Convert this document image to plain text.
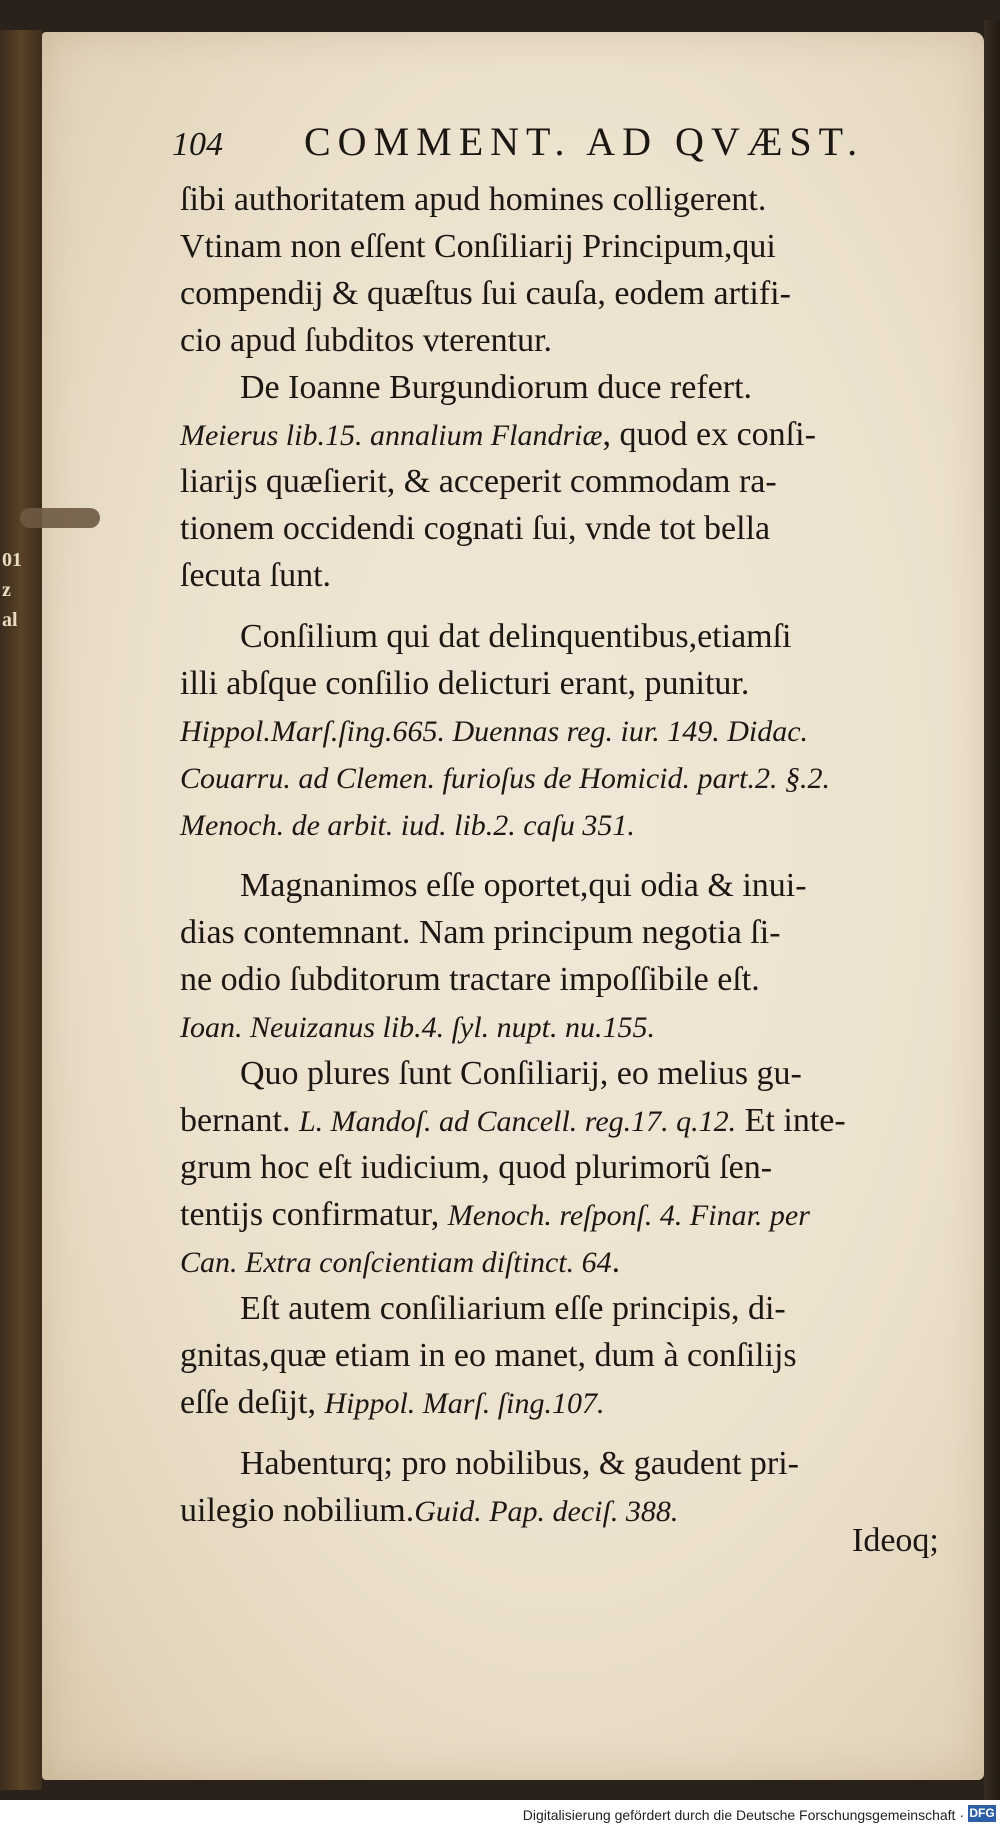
01 z al
104 COMMENT. AD QVÆST.
ſibi authoritatem apud homines colligerent.
Vtinam non eſſent Conſiliarij Principum,qui
compendij & quæſtus ſui cauſa, eodem artifi-
cio apud ſubditos vterentur.
De Ioanne Burgundiorum duce refert.
Meierus lib.15. annalium Flandriæ, quod ex conſi-
liarijs quæſierit, & acceperit commodam ra-
tionem occidendi cognati ſui, vnde tot bella
ſecuta ſunt.
Conſilium qui dat delinquentibus,etiamſi
illi abſque conſilio delicturi erant, punitur.
Hippol.Marſ.ſing.665. Duennas reg. iur. 149. Didac.
Couarru. ad Clemen. furioſus de Homicid. part.2. §.2.
Menoch. de arbit. iud. lib.2. caſu 351.
Magnanimos eſſe oportet,qui odia & inui-
dias contemnant. Nam principum negotia ſi-
ne odio ſubditorum tractare impoſſibile eſt.
Ioan. Neuizanus lib.4. ſyl. nupt. nu.155.
Quo plures ſunt Conſiliarij, eo melius gu-
bernant. L. Mandoſ. ad Cancell. reg.17. q.12. Et inte-
grum hoc eſt iudicium, quod plurimorũ ſen-
tentijs confirmatur, Menoch. reſponſ. 4. Finar. per
Can. Extra conſcientiam diſtinct. 64.
Eſt autem conſiliarium eſſe principis, di-
gnitas,quæ etiam in eo manet, dum à conſilijs
eſſe deſijt, Hippol. Marſ. ſing.107.
Habenturq; pro nobilibus, & gaudent pri-
uilegio nobilium.Guid. Pap. deciſ. 388.
Ideoq;
Digitalisierung gefördert durch die Deutsche Forschungsgemeinschaft · DFG
